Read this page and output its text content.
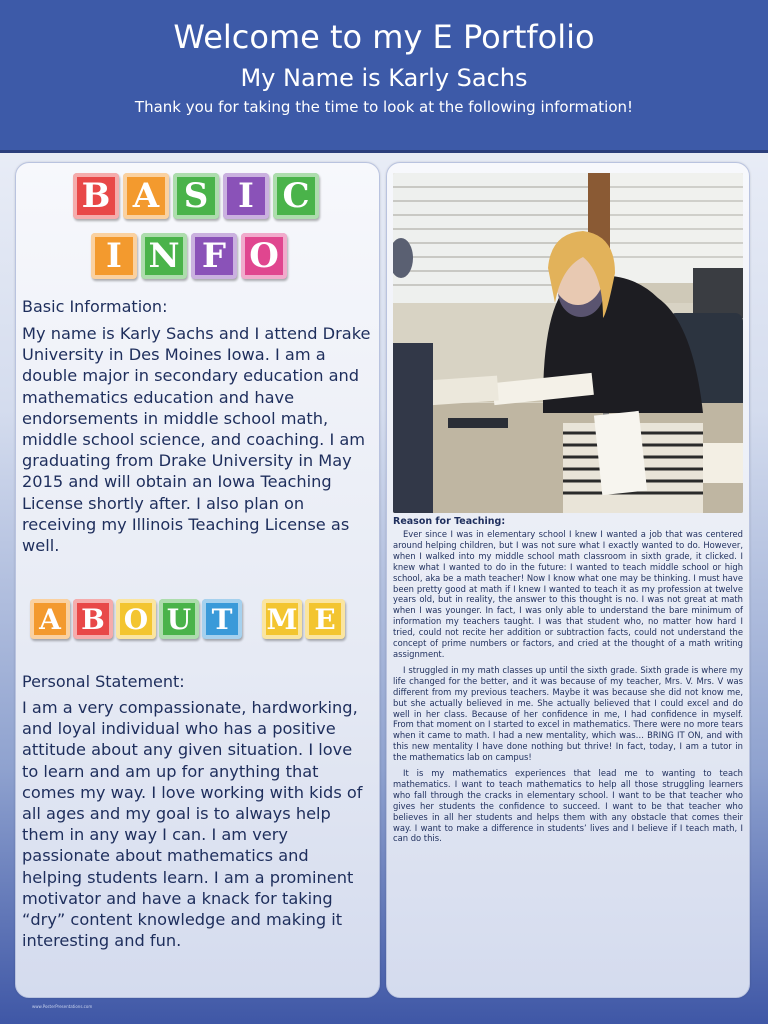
Welcome to my E Portfolio
My Name is Karly Sachs
Thank you for taking the time to look at the following information!
B A S I C
I N F O
Basic Information:
My name is Karly Sachs and I attend Drake University in Des Moines Iowa. I am a double major in secondary education and mathematics education and have endorsements in middle school math, middle school science, and coaching. I am graduating from Drake University in May 2015 and will obtain an Iowa Teaching License shortly after. I also plan on receiving my Illinois Teaching License as well.
A B O U T	M E
Personal Statement:
I am a very compassionate, hardworking, and loyal individual who has a positive attitude about any given situation. I love to learn and am up for anything that comes my way. I love working with kids of all ages and my goal is to always help them in any way I can. I am very passionate about mathematics and helping students learn. I am a prominent motivator and have a knack for taking “dry” content knowledge and making it interesting and fun.
Reason for Teaching:

Ever since I was in elementary school I knew I wanted a job that was centered around helping children, but I was not sure what I exactly wanted to do. However, when I walked into my middle school math classroom in sixth grade, it clicked. I knew what I wanted to do in the future: I wanted to teach middle school or high school, aka be a math teacher! Now I know what one may be thinking. I must have been pretty good at math if I knew I wanted to teach it as my profession at twelve years old, but in reality, the answer to this thought is no. I was not great at math when I was younger. In fact, I was only able to understand the bare minimum of information my teachers taught. I was that student who, no matter how hard I tried, could not recite her addition or subtraction facts, could not understand the concept of prime numbers or factors, and cried at the thought of a math writing assignment.

I struggled in my math classes up until the sixth grade. Sixth grade is where my life changed for the better, and it was because of my teacher, Mrs. V. Mrs. V was different from my previous teachers. Maybe it was because she did not know me, but she actually believed in me. She actually believed that I could excel and do well in her class. Because of her confidence in me, I had confidence in myself. From that moment on I started to excel in mathematics. There were no more tears when it came to math. I had a new mentality, which was… BRING IT ON, and with this new mentality I have done nothing but thrive! In fact, today, I am a tutor in the mathematics lab on campus!

It is my mathematics experiences that lead me to wanting to teach mathematics. I want to teach mathematics to help all those struggling learners who fall through the cracks in elementary school. I want to be that teacher who gives her students the confidence to succeed. I want to be that teacher who believes in all her students and helps them with any obstacle that comes their way. I want to make a difference in students’ lives and I believe if I teach math, I can do this.

www.PosterPresentations.com
